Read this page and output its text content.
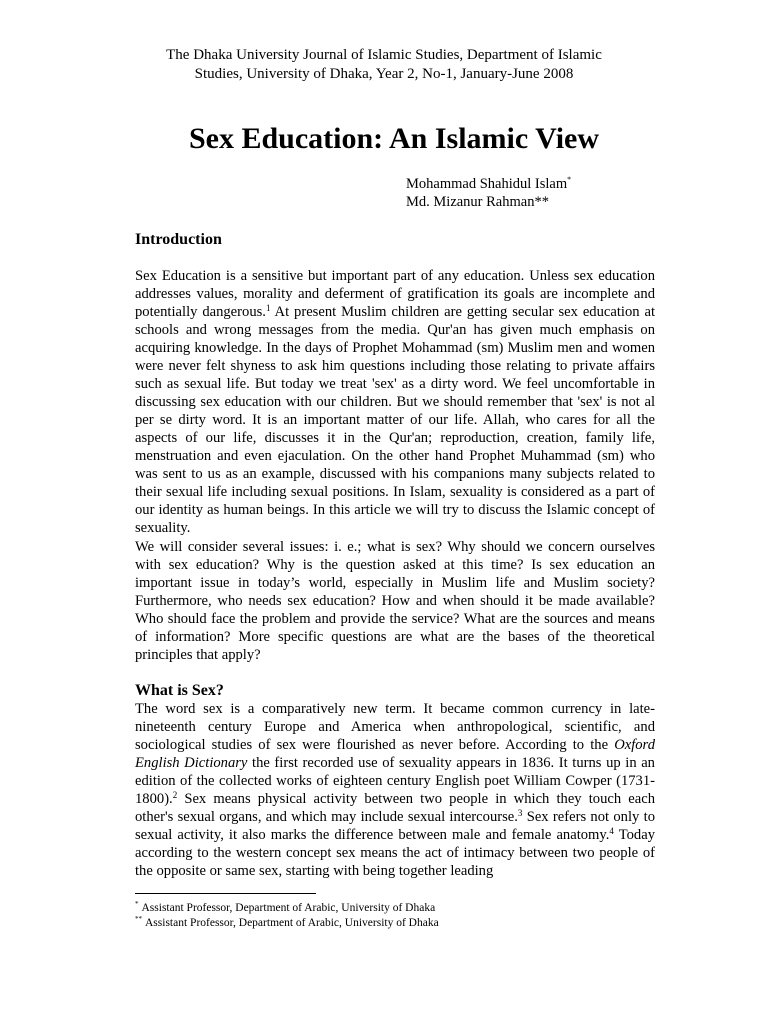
The Dhaka University Journal of Islamic Studies, Department of Islamic
Studies, University of Dhaka, Year 2, No-1, January-June 2008
Sex Education: An Islamic View
Mohammad Shahidul Islam*
Md. Mizanur Rahman**
Introduction

Sex Education is a sensitive but important part of any education. Unless sex education addresses values, morality and deferment of gratification its goals are incomplete and potentially dangerous.$^1$ At present Muslim children are getting secular sex education at schools and wrong messages from the media. Qur'an has given much emphasis on acquiring knowledge. In the days of Prophet Mohammad (sm) Muslim men and women were never felt shyness to ask him questions including those relating to private affairs such as sexual life. But today we treat 'sex' as a dirty word. We feel uncomfortable in discussing sex education with our children. But we should remember that 'sex' is not al per se dirty word. It is an important matter of our life. Allah, who cares for all the aspects of our life, discusses it in the Qur'an; reproduction, creation, family life, menstruation and even ejaculation. On the other hand Prophet Muhammad (sm) who was sent to us as an example, discussed with his companions many subjects related to their sexual life including sexual positions. In Islam, sexuality is considered as a part of our identity as human beings. In this article we will try to discuss the Islamic concept of sexuality.

We will consider several issues: i. e.; what is sex? Why should we concern ourselves with sex education? Why is the question asked at this time? Is sex education an important issue in today’s world, especially in Muslim life and Muslim society? Furthermore, who needs sex education? How and when should it be made available? Who should face the problem and provide the service? What are the sources and means of information? More specific questions are what are the bases of the theoretical principles that apply?

What is Sex?

The word sex is a comparatively new term. It became common currency in late-nineteenth century Europe and America when anthropological, scientific, and sociological studies of sex were flourished as never before. According to the Oxford English Dictionary the first recorded use of sexuality appears in 1836. It turns up in an edition of the collected works of eighteen century English poet William Cowper (1731-1800).$^2$ Sex means physical activity between two people in which they touch each other's sexual organs, and which may include sexual intercourse.$^3$ Sex refers not only to sexual activity, it also marks the difference between male and female anatomy.$^4$ Today according to the western concept sex means the act of intimacy between two people of the opposite or same sex, starting with being together leading

* Assistant Professor, Department of Arabic, University of Dhaka
** Assistant Professor, Department of Arabic, University of Dhaka
